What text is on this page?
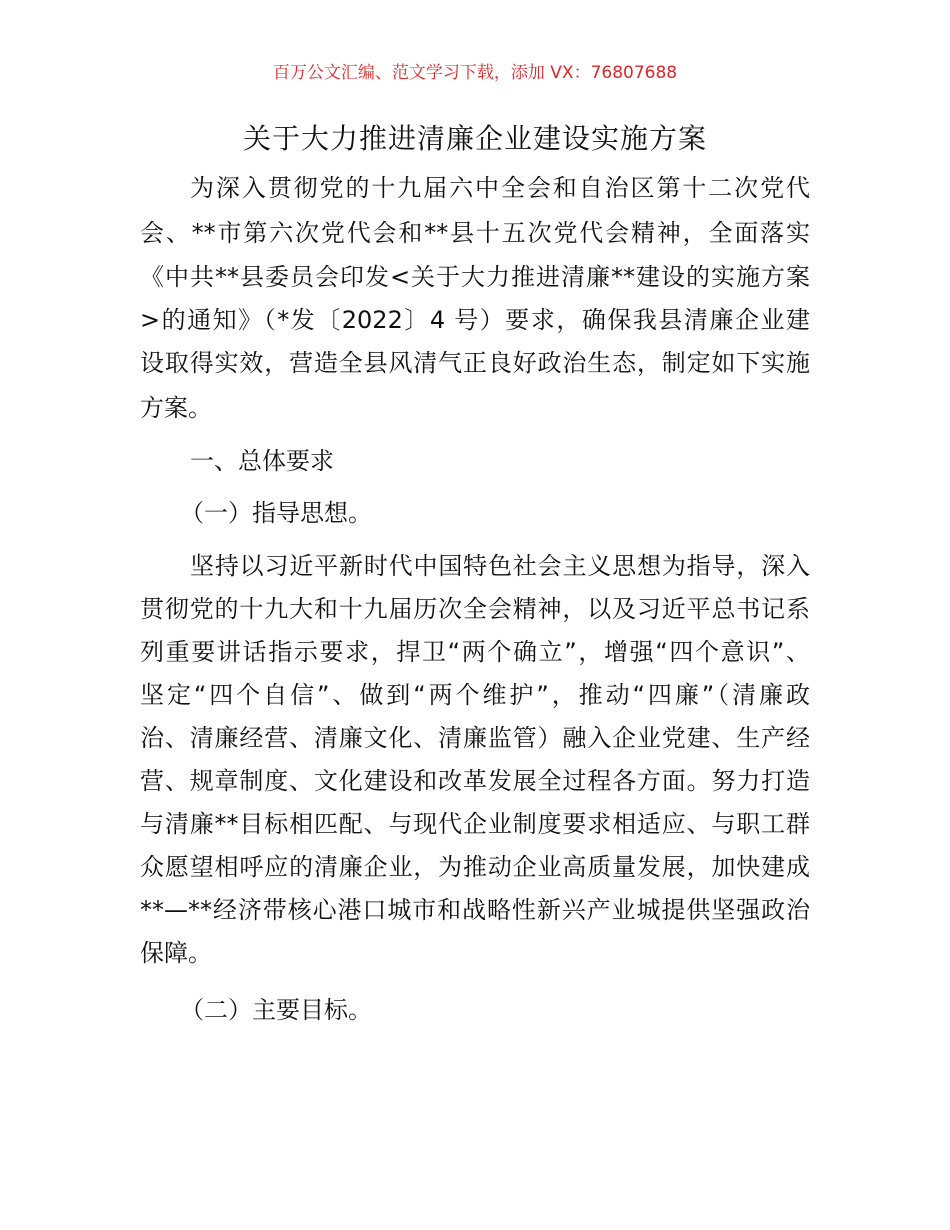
百万公文汇编、范文学习下载，添加 VX：76807688
关于大力推进清廉企业建设实施方案
为深入贯彻党的十九届六中全会和自治区第十二次党代
会、**市第六次党代会和**县十五次党代会精神，全面落实
《中共**县委员会印发<关于大力推进清廉**建设的实施方案
>的通知》（*发〔2022〕4 号）要求，确保我县清廉企业建
设取得实效，营造全县风清气正良好政治生态，制定如下实施
方案。
一、总体要求
（一）指导思想。
坚持以习近平新时代中国特色社会主义思想为指导，深入
贯彻党的十九大和十九届历次全会精神，以及习近平总书记系
列重要讲话指示要求，捍卫“两个确立”，增强“四个意识”、
坚定“四个自信”、做到“两个维护”，推动“四廉”（清廉政
治、清廉经营、清廉文化、清廉监管）融入企业党建、生产经
营、规章制度、文化建设和改革发展全过程各方面。努力打造
与清廉**目标相匹配、与现代企业制度要求相适应、与职工群
众愿望相呼应的清廉企业，为推动企业高质量发展，加快建成
**—**经济带核心港口城市和战略性新兴产业城提供坚强政治
保障。
（二）主要目标。
